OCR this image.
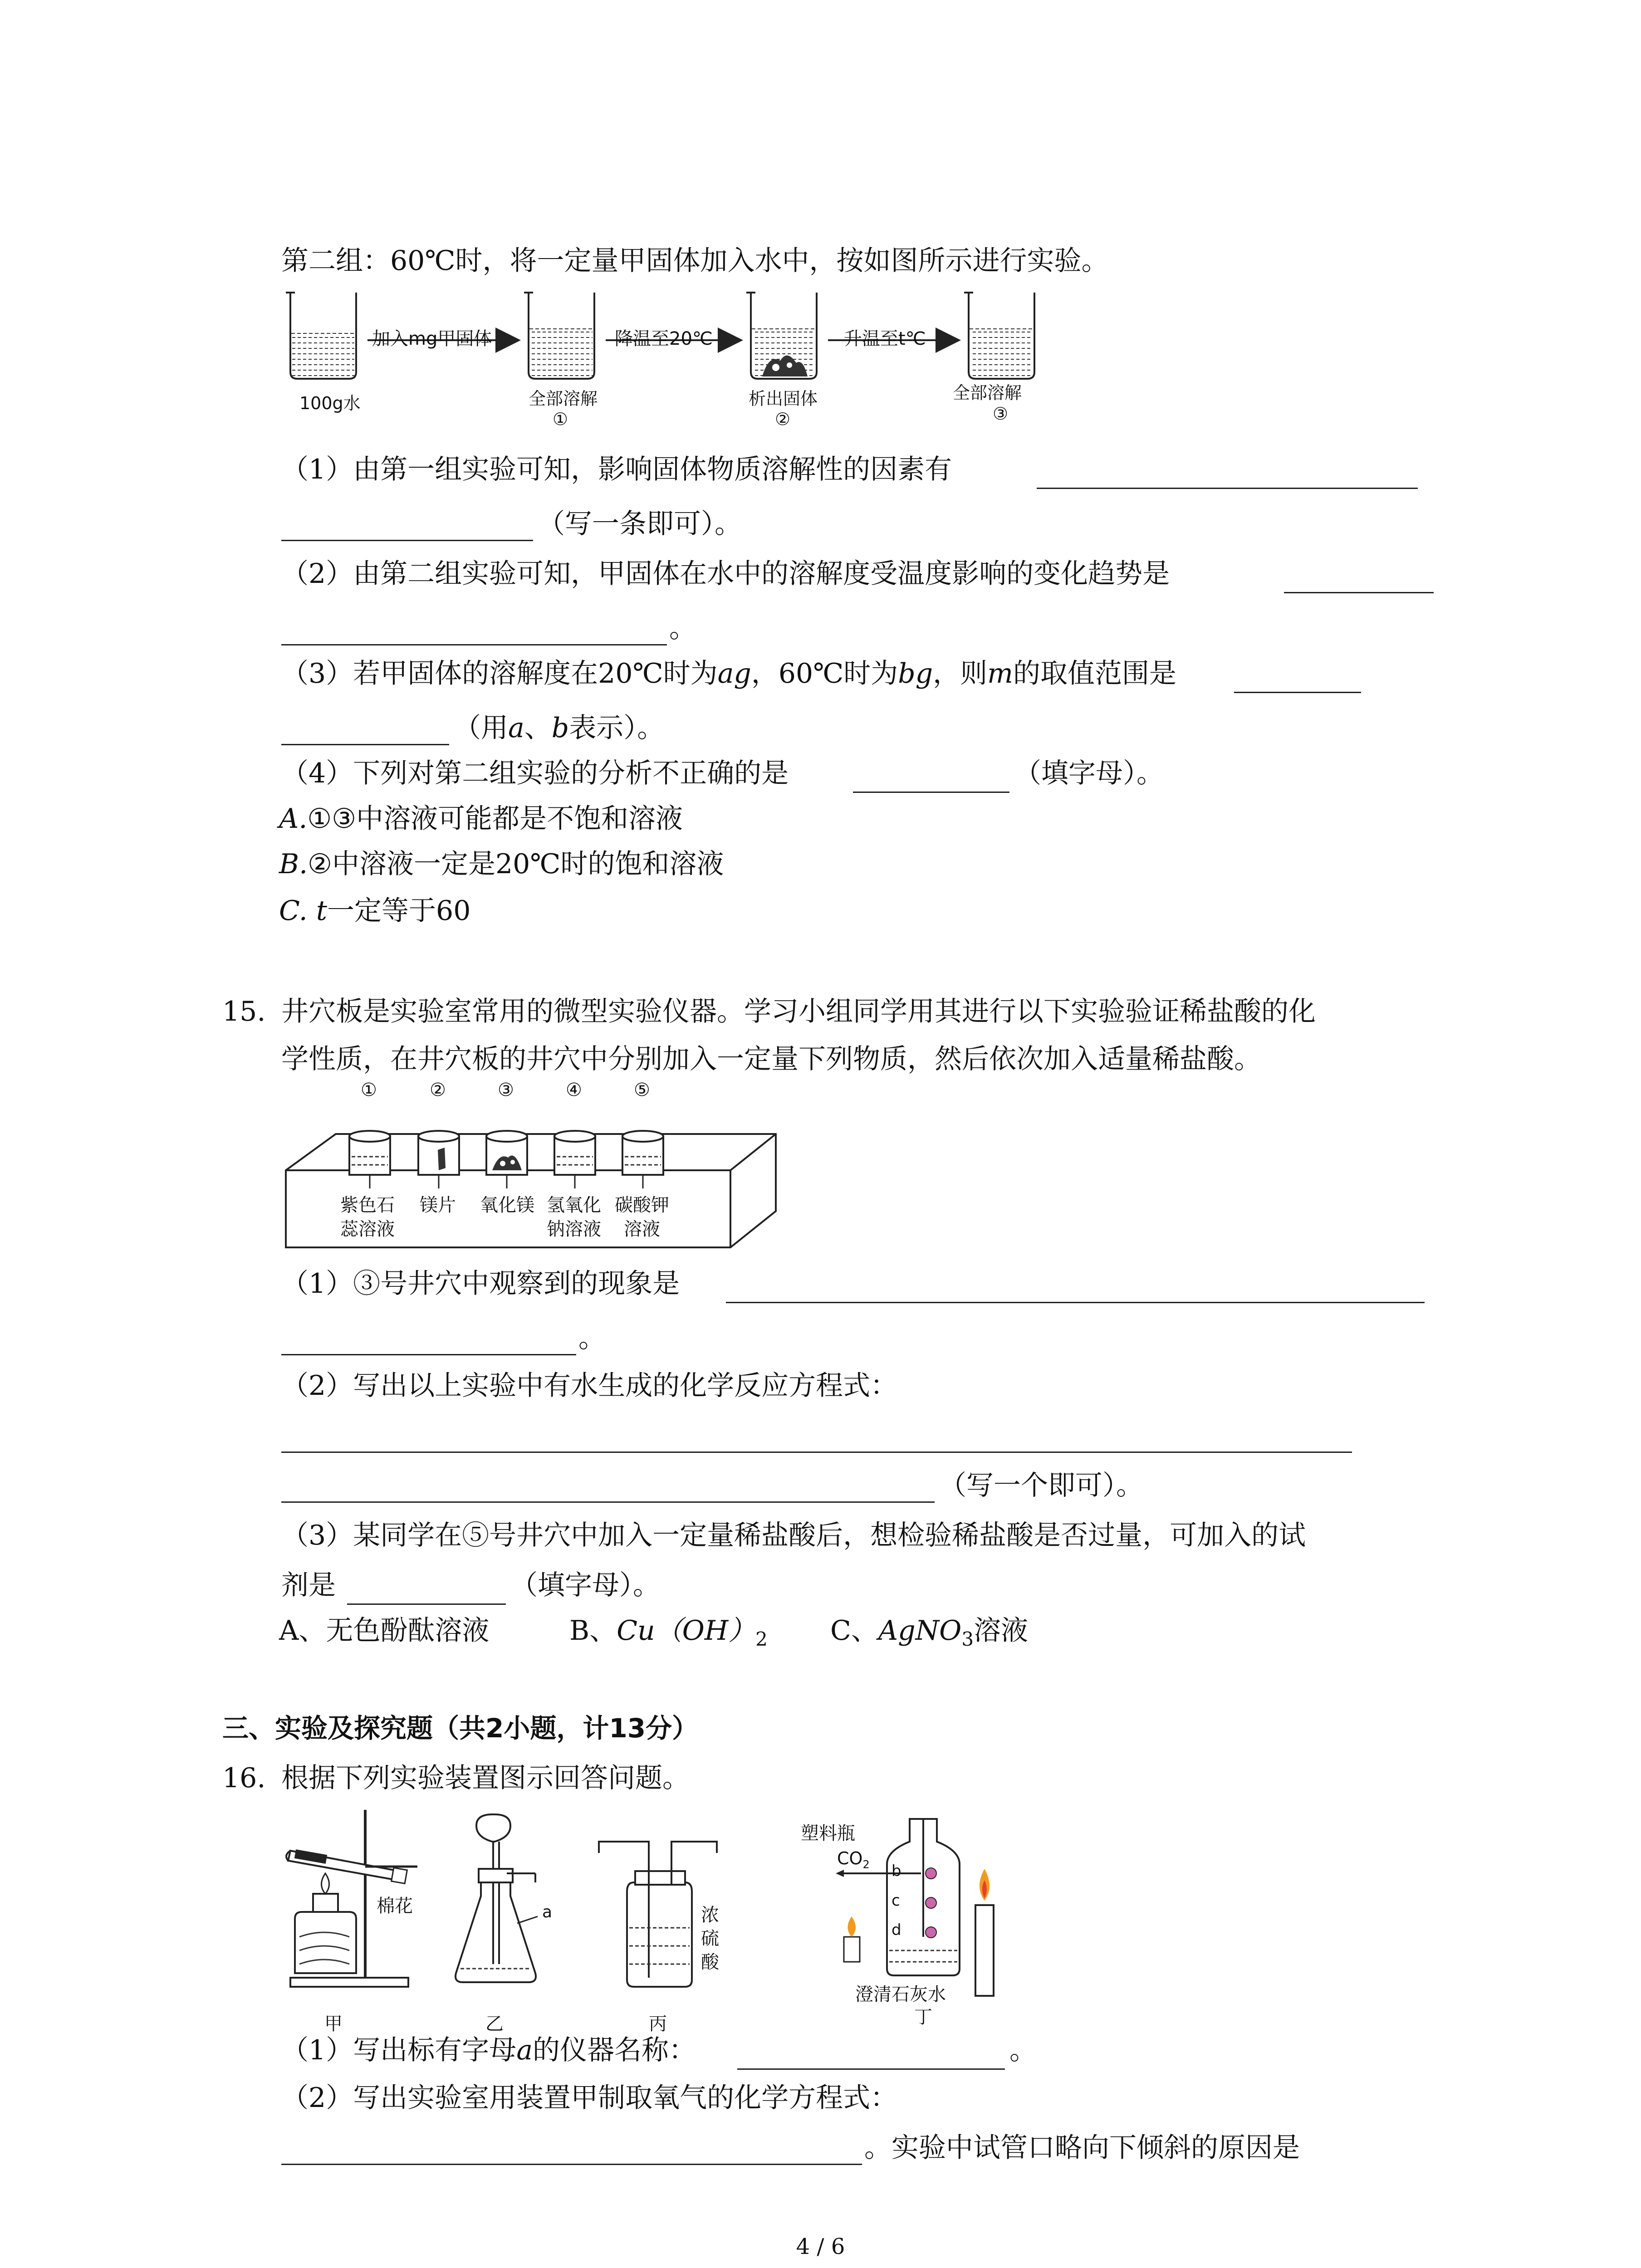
第二组：60℃时，将一定量甲固体加入水中，按如图所示进行实验。
加入mg甲固体	降温至20℃	升温至t℃
100g水	全部溶解
①
析出固体
②
全部溶解
③
（1）由第一组实验可知，影响固体物质溶解性的因素有
（写一条即可）。
（2）由第二组实验可知，甲固体在水中的溶解度受温度影响的变化趋势是
。
（3）若甲固体的溶解度在20℃时为ag，60℃时为bg，则m的取值范围是
（用a、b表示）。
（4）下列对第二组实验的分析不正确的是	（填字母）。
A.①③中溶液可能都是不饱和溶液
B.②中溶液一定是20℃时的饱和溶液
C. t一定等于60
15. 井穴板是实验室常用的微型实验仪器。学习小组同学用其进行以下实验验证稀盐酸的化
学性质，在井穴板的井穴中分别加入一定量下列物质，然后依次加入适量稀盐酸。
①	②	③	④	⑤
紫色石
蕊溶液
镁片 氧化镁 氢氧化
钠溶液
碳酸钾
溶液
（1）③号井穴中观察到的现象是
。
（2）写出以上实验中有水生成的化学反应方程式：
（写一个即可）。
（3）某同学在⑤号井穴中加入一定量稀盐酸后，想检验稀盐酸是否过量，可加入的试
剂是	（填字母）。
A、无色酚酞溶液	B、$Cu(OH)_2$ C、AgNO$_3$溶液
三、实验及探究题（共2小题，计13分）
16. 根据下列实验装置图示回答问题。
棉花	a	浓
硫
酸
塑料瓶
$CO_2$ b
c
d
澄清石灰水
甲	乙	丙	丁
（1）写出标有字母a的仪器名称：	。
（2）写出实验室用装置甲制取氧气的化学方程式：
。实验中试管口略向下倾斜的原因是
4 / 6
